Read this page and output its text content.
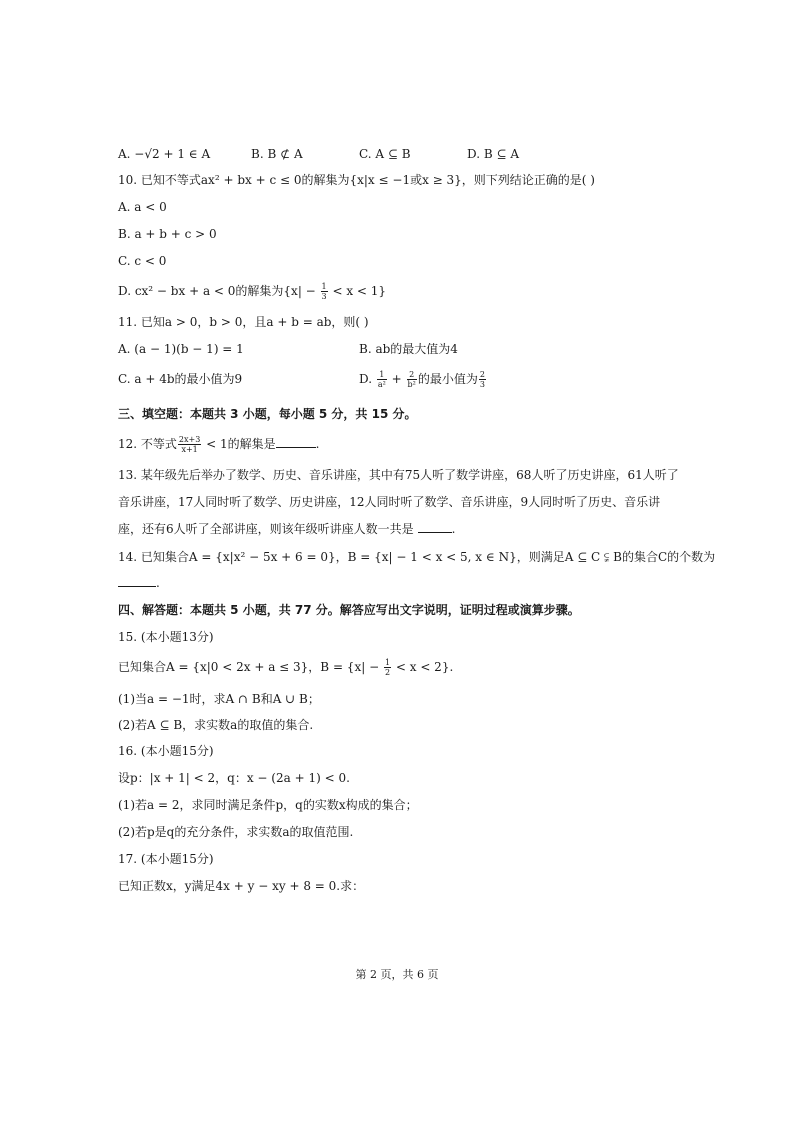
A. −√2 + 1 ∈ A	B. B ⊄ A	C. A ⊆ B	D. B ⊆ A
10. 已知不等式ax² + bx + c ≤ 0的解集为{x|x ≤ −1或x ≥ 3}，则下列结论正确的是( )
A. a < 0
B. a + b + c > 0
C. c < 0
D. cx² − bx + a < 0的解集为$\{x| - \frac{1}{3} < x < 1\}$
11. 已知a > 0，b > 0，且a + b = ab，则( )
A. (a − 1)(b − 1) = 1	B. ab的最大值为4
C. a + 4b的最小值为9	D. $\frac{1}{\text{a²}} + \frac{2}{\text{b²}}$ 的最小值为 $\frac{2}{3}$
三、填空题：本题共 3 小题，每小题 5 分，共 15 分。
12. 不等式 $\frac{2x+3}{x+1} < 1$的解集是	.
13. 某年级先后举办了数学、历史、音乐讲座，其中有75人听了数学讲座，68人听了历史讲座，61人听了
音乐讲座，17人同时听了数学、历史讲座，12人同时听了数学、音乐讲座，9人同时听了历史、音乐讲
座，还有6人听了全部讲座，则该年级听讲座人数一共是	.
14. 已知集合A = {x|x² − 5x + 6 = 0}，B = {x| − 1 < x < 5, x ∈ N}，则满足A ⊆ C ⫋ B的集合C的个数为
.
四、解答题：本题共 5 小题，共 77 分。解答应写出文字说明，证明过程或演算步骤。
15. (本小题13分)
已知集合A = {x|0 < 2x + a ≤ 3}，$B = \{x| - \frac{1}{2} < x < 2\}$.
(1)当a = −1时，求A ∩ B和A ∪ B；
(2)若A ⊆ B，求实数a的取值的集合.
16. (本小题15分)
设p：|x + 1| < 2，q：x − (2a + 1) < 0.
(1)若a = 2，求同时满足条件p，q的实数x构成的集合；
(2)若p是q的充分条件，求实数a的取值范围.
17. (本小题15分)
已知正数x，y满足4x + y − xy + 8 = 0.求：
第 2 页，共 6 页
